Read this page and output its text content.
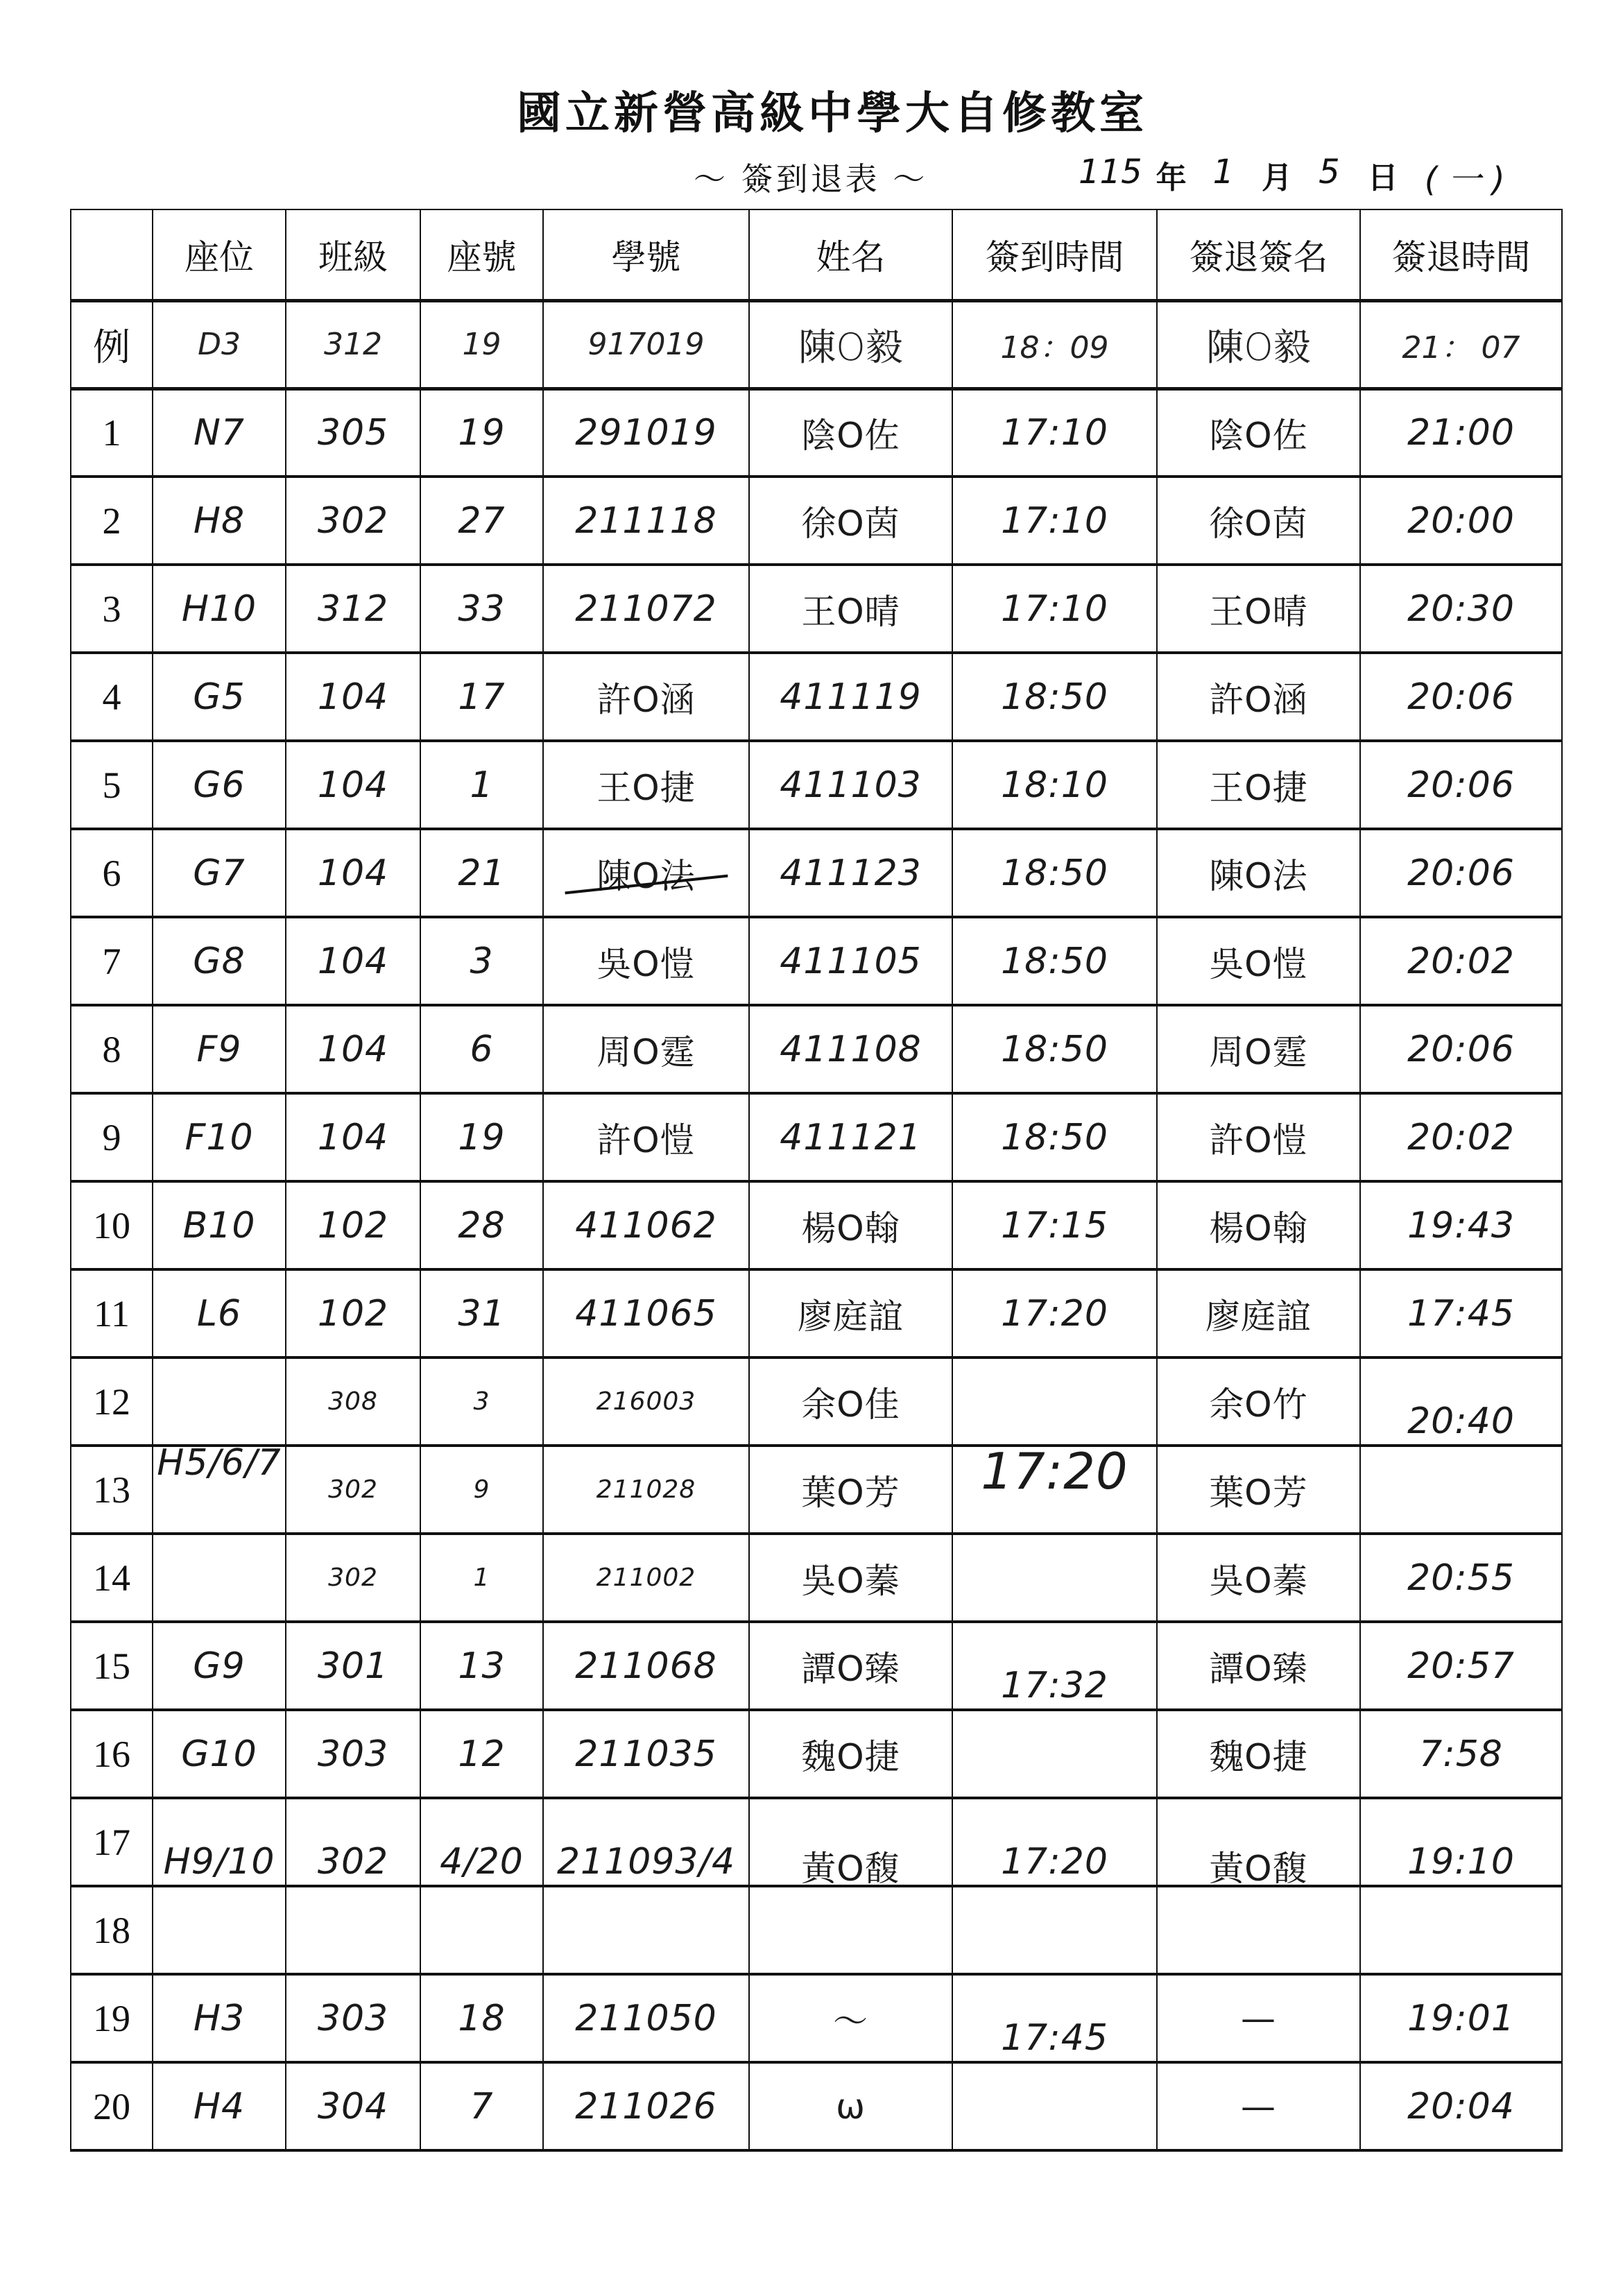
國立新營高級中學大自修教室
～ 簽到退表 ～	115 年 1 月 5 日 ( 一 )
	座位	班級	座號	學號	姓名	簽到時間	簽退簽名	簽退時間
例	D3	312	19	917019	陳O毅	18：09	陳O毅	21： 07
1	N7	305	19	291019	陰O佐	17:10	陰O佐	21:00
2	H8	302	27	211118	徐O茵	17:10	徐O茵	20:00
3	H10	312	33	211072	王O晴	17:10	王O晴	20:30
4	G5	104	17	許O涵	411119	18:50	許O涵	20:06
5	G6	104	1	王O捷	411103	18:10	王O捷	20:06
6	G7	104	21	陳O法	411123	18:50	陳O法	20:06
7	G8	104	3	吳O愷	411105	18:50	吳O愷	20:02
8	F9	104	6	周O霆	411108	18:50	周O霆	20:06
9	F10	104	19	許O愷	411121	18:50	許O愷	20:02
10	B10	102	28	411062	楊O翰	17:15	楊O翰	19:43
11	L6	102	31	411065	廖庭誼	17:20	廖庭誼	17:45
12	H5/6/7	308	3	216003	余O佳	17:20	余O竹	20:40

13		302	9	211028	葉O芳		葉O芳	
14		302	1	211002	吳O蓁		吳O蓁	20:55
15	G9	301	13	211068	譚O臻	17:32	譚O臻	20:57
16	G10	303	12	211035	魏O捷		魏O捷	7:58
17	H9/10	302	4/20	211093/4	黃O馥	17:20	黃O馥	19:10

18								
19	H3	303	18	211050	～	17:45	—	19:01
20	H4	304	7	211026	ω		—	20:04
